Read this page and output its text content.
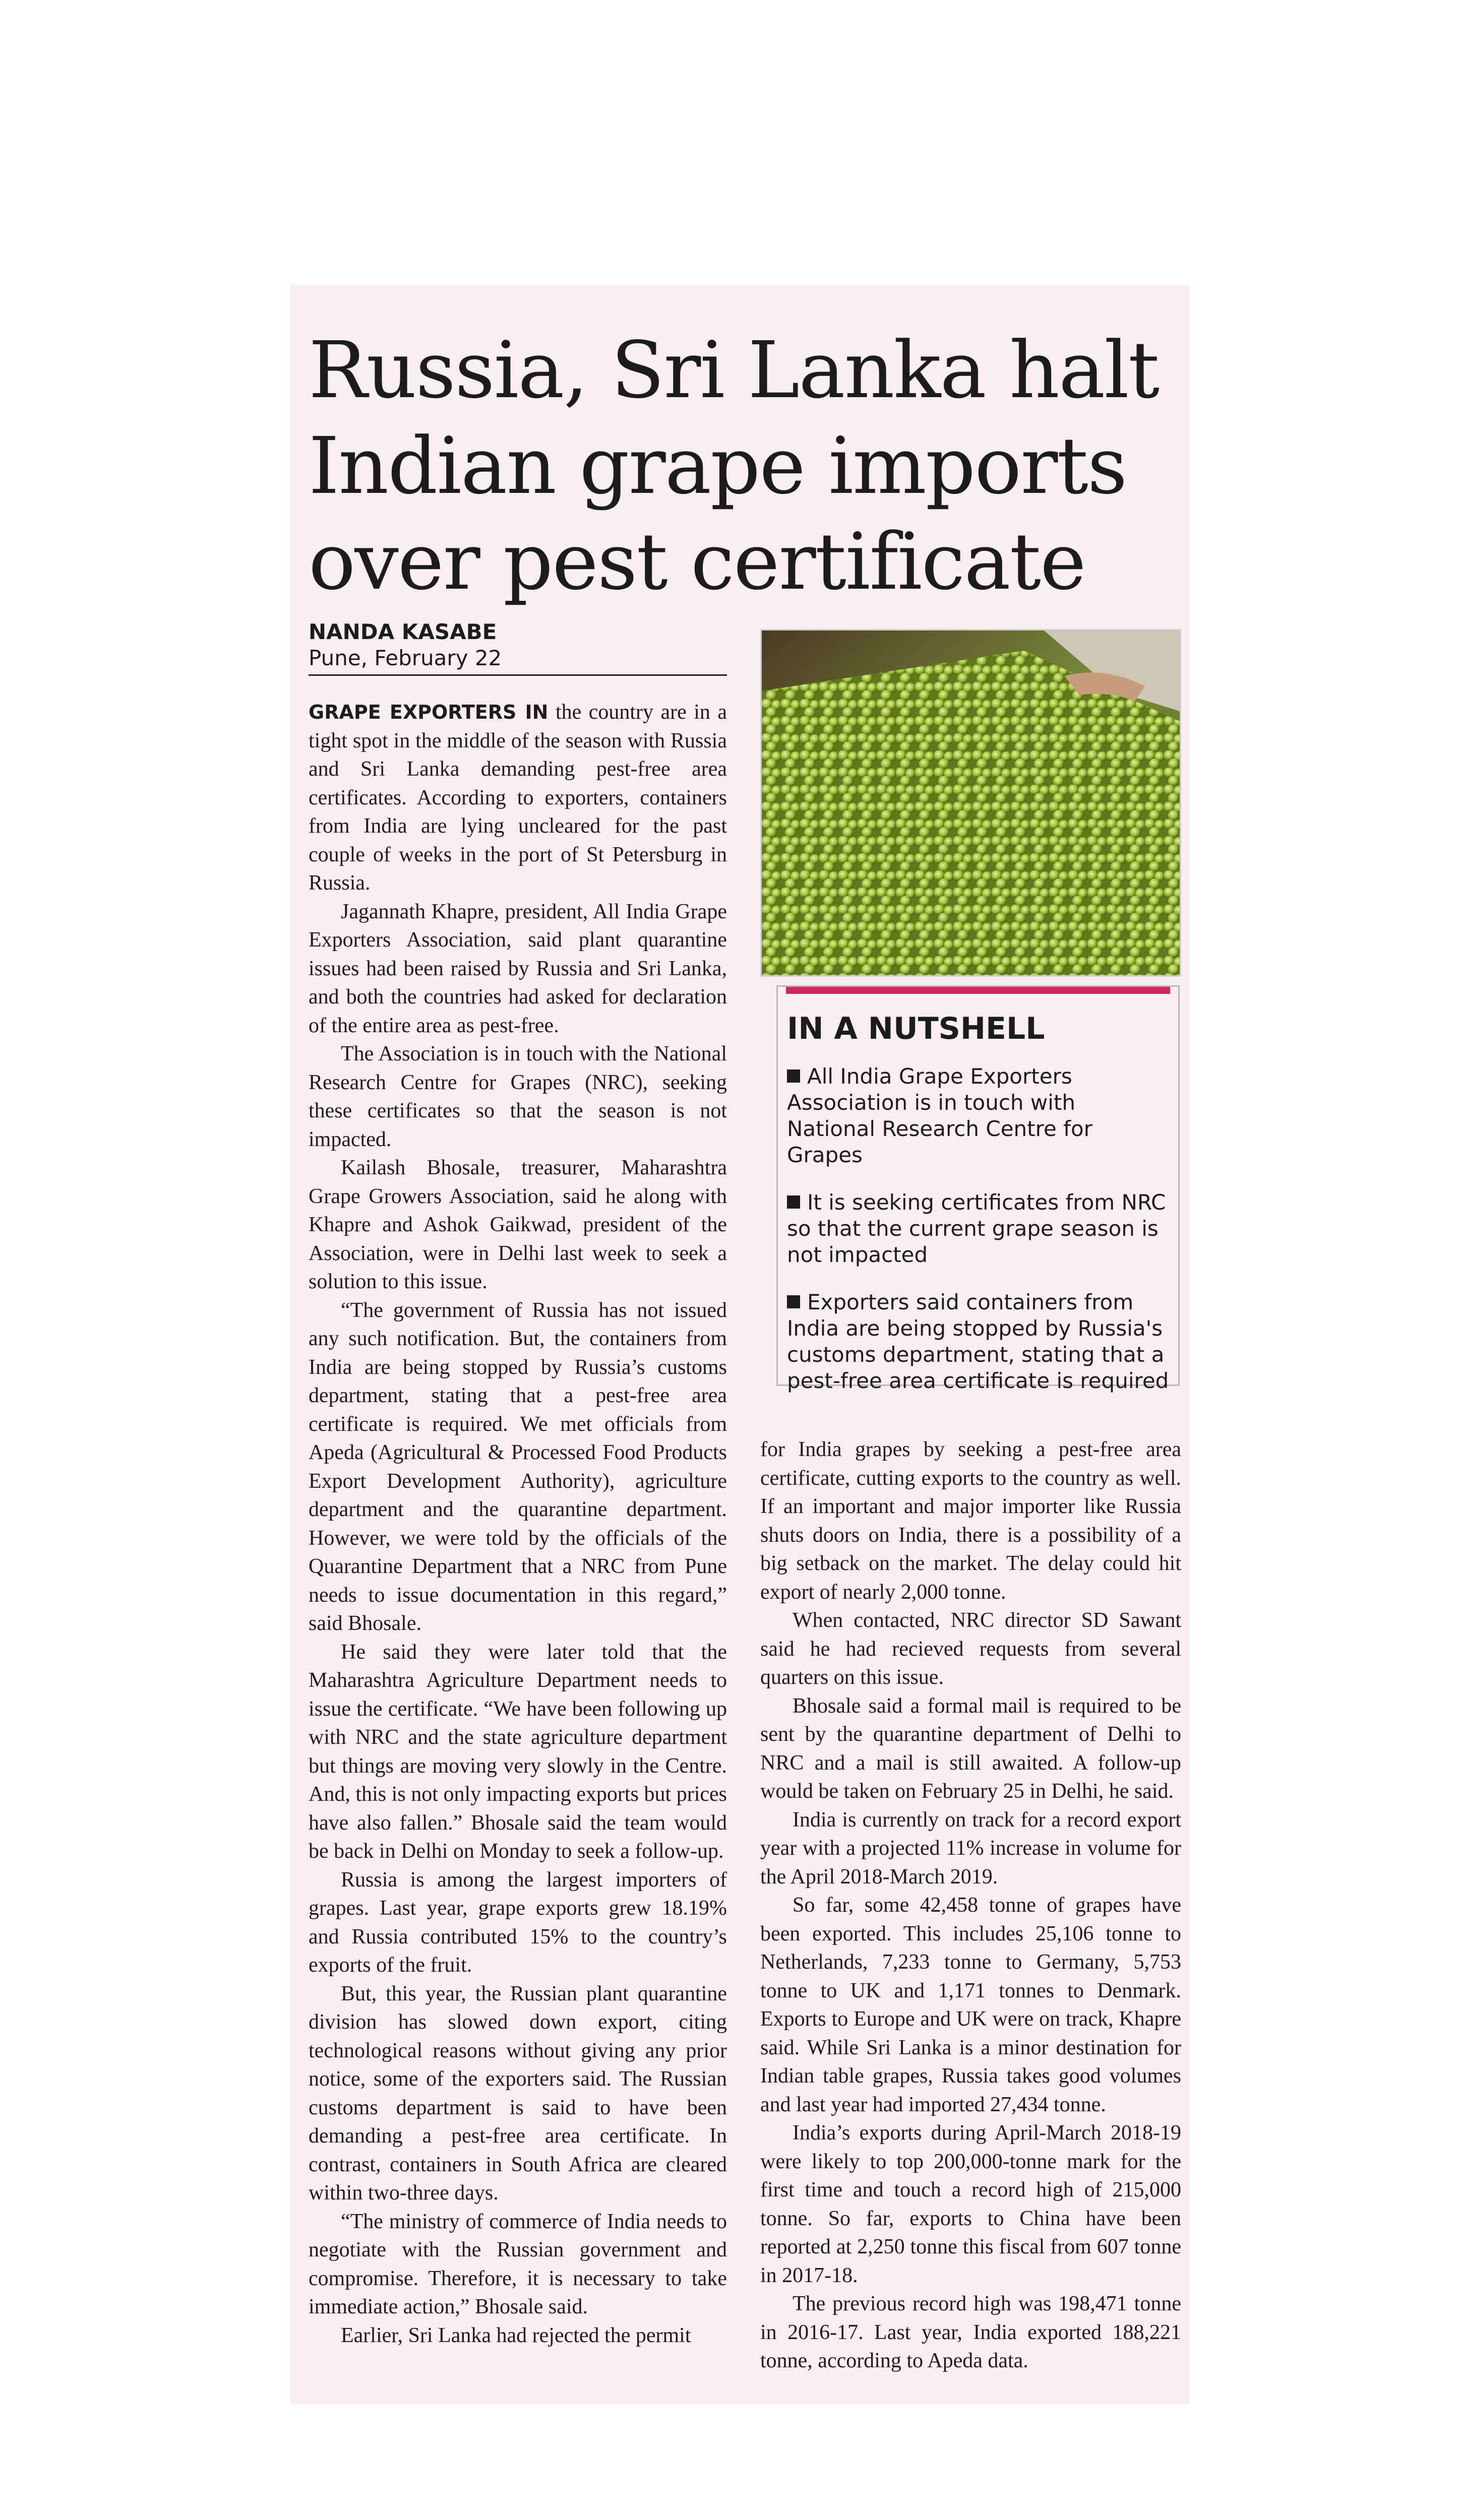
Russia, Sri Lanka halt Indian grape imports over pest certificate
NANDA KASABE
Pune, February 22

GRAPE EXPORTERS IN the country are in a tight spot in the middle of the season with Russia and Sri Lanka demanding pest-free area certificates. According to exporters, containers from India are lying uncleared for the past couple of weeks in the port of St Petersburg in Russia.

Jagannath Khapre, president, All India Grape Exporters Association, said plant quarantine issues had been raised by Russia and Sri Lanka, and both the countries had asked for declaration of the entire area as pest-free.

The Association is in touch with the National Research Centre for Grapes (NRC), seeking these certificates so that the season is not impacted.

Kailash Bhosale, treasurer, Maharashtra Grape Growers Association, said he along with Khapre and Ashok Gaikwad, president of the Association, were in Delhi last week to seek a solution to this issue.

“The government of Russia has not issued any such notification. But, the containers from India are being stopped by Russia’s customs department, stating that a pest-free area certificate is required. We met officials from Apeda (Agricultural & Processed Food Products Export Development Authority), agriculture department and the quarantine department. However, we were told by the officials of the Quarantine Department that a NRC from Pune needs to issue documentation in this regard,” said Bhosale.

He said they were later told that the Maharashtra Agriculture Department needs to issue the certificate. “We have been following up with NRC and the state agriculture department but things are moving very slowly in the Centre. And, this is not only impacting exports but prices have also fallen.” Bhosale said the team would be back in Delhi on Monday to seek a follow-up.

Russia is among the largest importers of grapes. Last year, grape exports grew 18.19% and Russia contributed 15% to the country’s exports of the fruit.

But, this year, the Russian plant quarantine division has slowed down export, citing technological reasons without giving any prior notice, some of the exporters said. The Russian customs department is said to have been demanding a pest-free area certificate. In contrast, containers in South Africa are cleared within two-three days.

“The ministry of commerce of India needs to negotiate with the Russian government and compromise. Therefore, it is necessary to take immediate action,” Bhosale said.

Earlier, Sri Lanka had rejected the permit

IN A NUTSHELL
All India Grape Exporters Association is in touch with National Research Centre for Grapes
It is seeking certificates from NRC so that the current grape season is not impacted
Exporters said containers from India are being stopped by Russia's customs department, stating that a pest-free area certificate is required

for India grapes by seeking a pest-free area certificate, cutting exports to the country as well. If an important and major importer like Russia shuts doors on India, there is a possibility of a big setback on the market. The delay could hit export of nearly 2,000 tonne.

When contacted, NRC director SD Sawant said he had recieved requests from several quarters on this issue.

Bhosale said a formal mail is required to be sent by the quarantine department of Delhi to NRC and a mail is still awaited. A follow-up would be taken on February 25 in Delhi, he said.

India is currently on track for a record export year with a projected 11% increase in volume for the April 2018-March 2019.

So far, some 42,458 tonne of grapes have been exported. This includes 25,106 tonne to Netherlands, 7,233 tonne to Germany, 5,753 tonne to UK and 1,171 tonnes to Denmark. Exports to Europe and UK were on track, Khapre said. While Sri Lanka is a minor destination for Indian table grapes, Russia takes good volumes and last year had imported 27,434 tonne.

India’s exports during April-March 2018-19 were likely to top 200,000-tonne mark for the first time and touch a record high of 215,000 tonne. So far, exports to China have been reported at 2,250 tonne this fiscal from 607 tonne in 2017-18.

The previous record high was 198,471 tonne in 2016-17. Last year, India exported 188,221 tonne, according to Apeda data.
